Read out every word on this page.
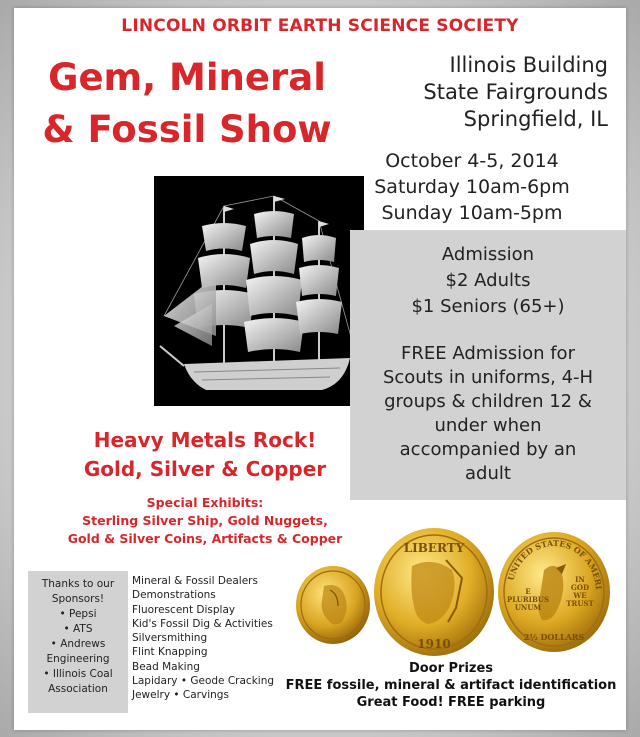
LINCOLN ORBIT EARTH SCIENCE SOCIETY
Gem, Mineral
& Fossil Show
Illinois Building
State Fairgrounds
Springfield, IL
October 4-5, 2014
Saturday 10am-6pm
Sunday 10am-5pm
Admission
$2 Adults
$1 Seniors (65+)
FREE Admission for
Scouts in uniforms, 4-H
groups & children 12 &
under when
accompanied by an
adult
Heavy Metals Rock!
Gold, Silver & Copper
Special Exhibits:
Sterling Silver Ship, Gold Nuggets,
Gold & Silver Coins, Artifacts & Copper
Thanks to our
Sponsors!
• Pepsi
• ATS
• Andrews
Engineering
• Illinois Coal
Association
Mineral & Fossil Dealers
Demonstrations
Fluorescent Display
Kid's Fossil Dig & Activities
Silversmithing
Flint Knapping
Bead Making
Lapidary • Geode Cracking
Jewelry • Carvings
LIBERTY
1910
UNITED STATES OF AMERI
IN
GOD
WE
TRUST
E
PLURIBUS
UNUM
2½ DOLLARS
Door Prizes
FREE fossile, mineral & artifact identification
Great Food! FREE parking
